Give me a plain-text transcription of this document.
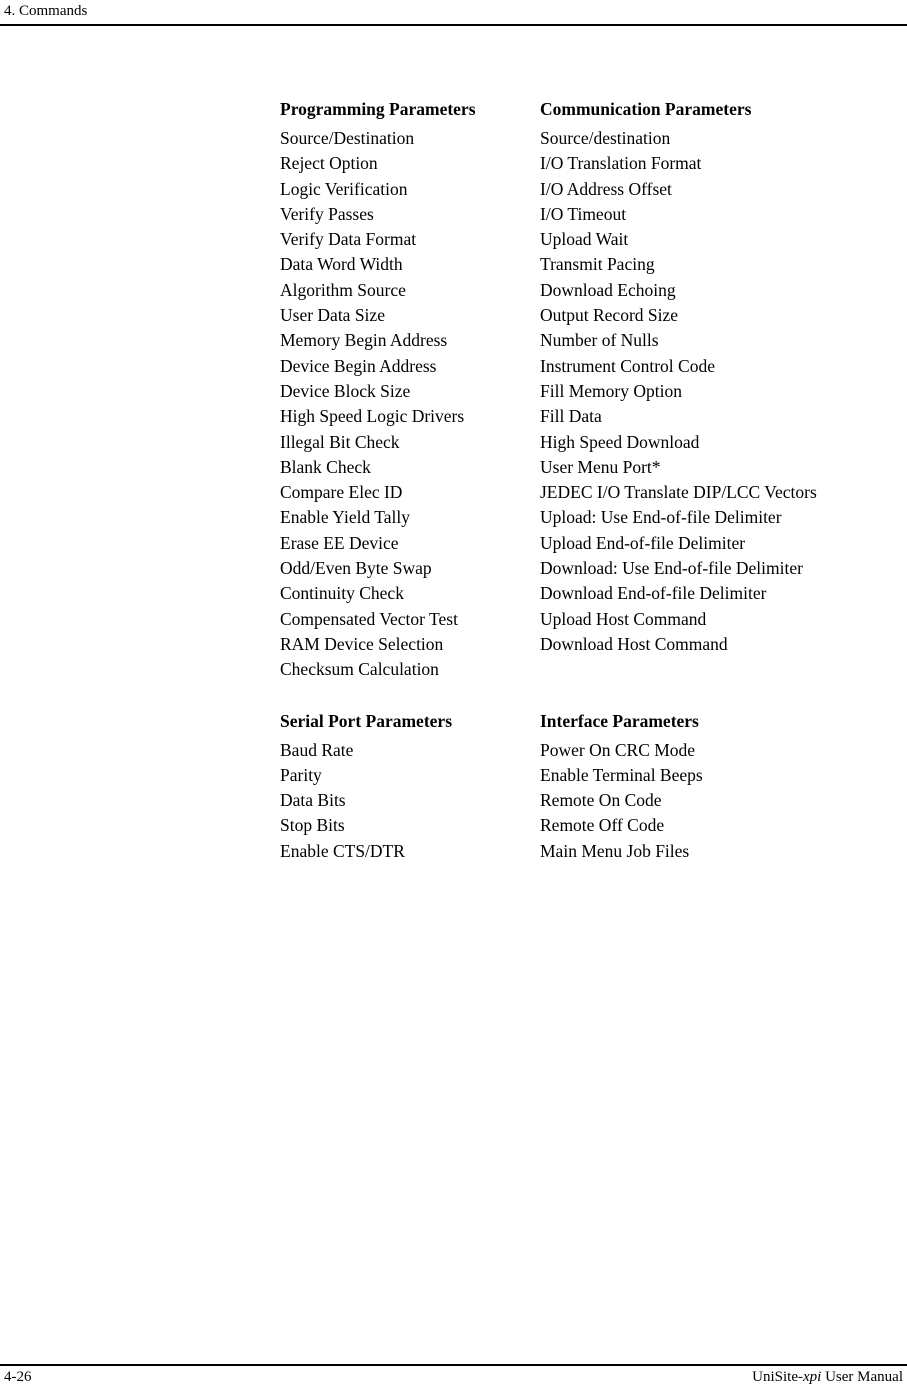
4. Commands
Programming Parameters
Source/Destination
Reject Option
Logic Verification
Verify Passes
Verify Data Format
Data Word Width
Algorithm Source
User Data Size
Memory Begin Address
Device Begin Address
Device Block Size
High Speed Logic Drivers
Illegal Bit Check
Blank Check
Compare Elec ID
Enable Yield Tally
Erase EE Device
Odd/Even Byte Swap
Continuity Check
Compensated Vector Test
RAM Device Selection
Checksum Calculation
Communication Parameters
Source/destination
I/O Translation Format
I/O Address Offset
I/O Timeout
Upload Wait
Transmit Pacing
Download Echoing
Output Record Size
Number of Nulls
Instrument Control Code
Fill Memory Option
Fill Data
High Speed Download
User Menu Port*
JEDEC I/O Translate DIP/LCC Vectors
Upload: Use End-of-file Delimiter
Upload End-of-file Delimiter
Download: Use End-of-file Delimiter
Download End-of-file Delimiter
Upload Host Command
Download Host Command
Serial Port Parameters
Baud Rate
Parity
Data Bits
Stop Bits
Enable CTS/DTR
Interface Parameters
Power On CRC Mode
Enable Terminal Beeps
Remote On Code
Remote Off Code
Main Menu Job Files
4-26	UniSite-xpi User Manual
